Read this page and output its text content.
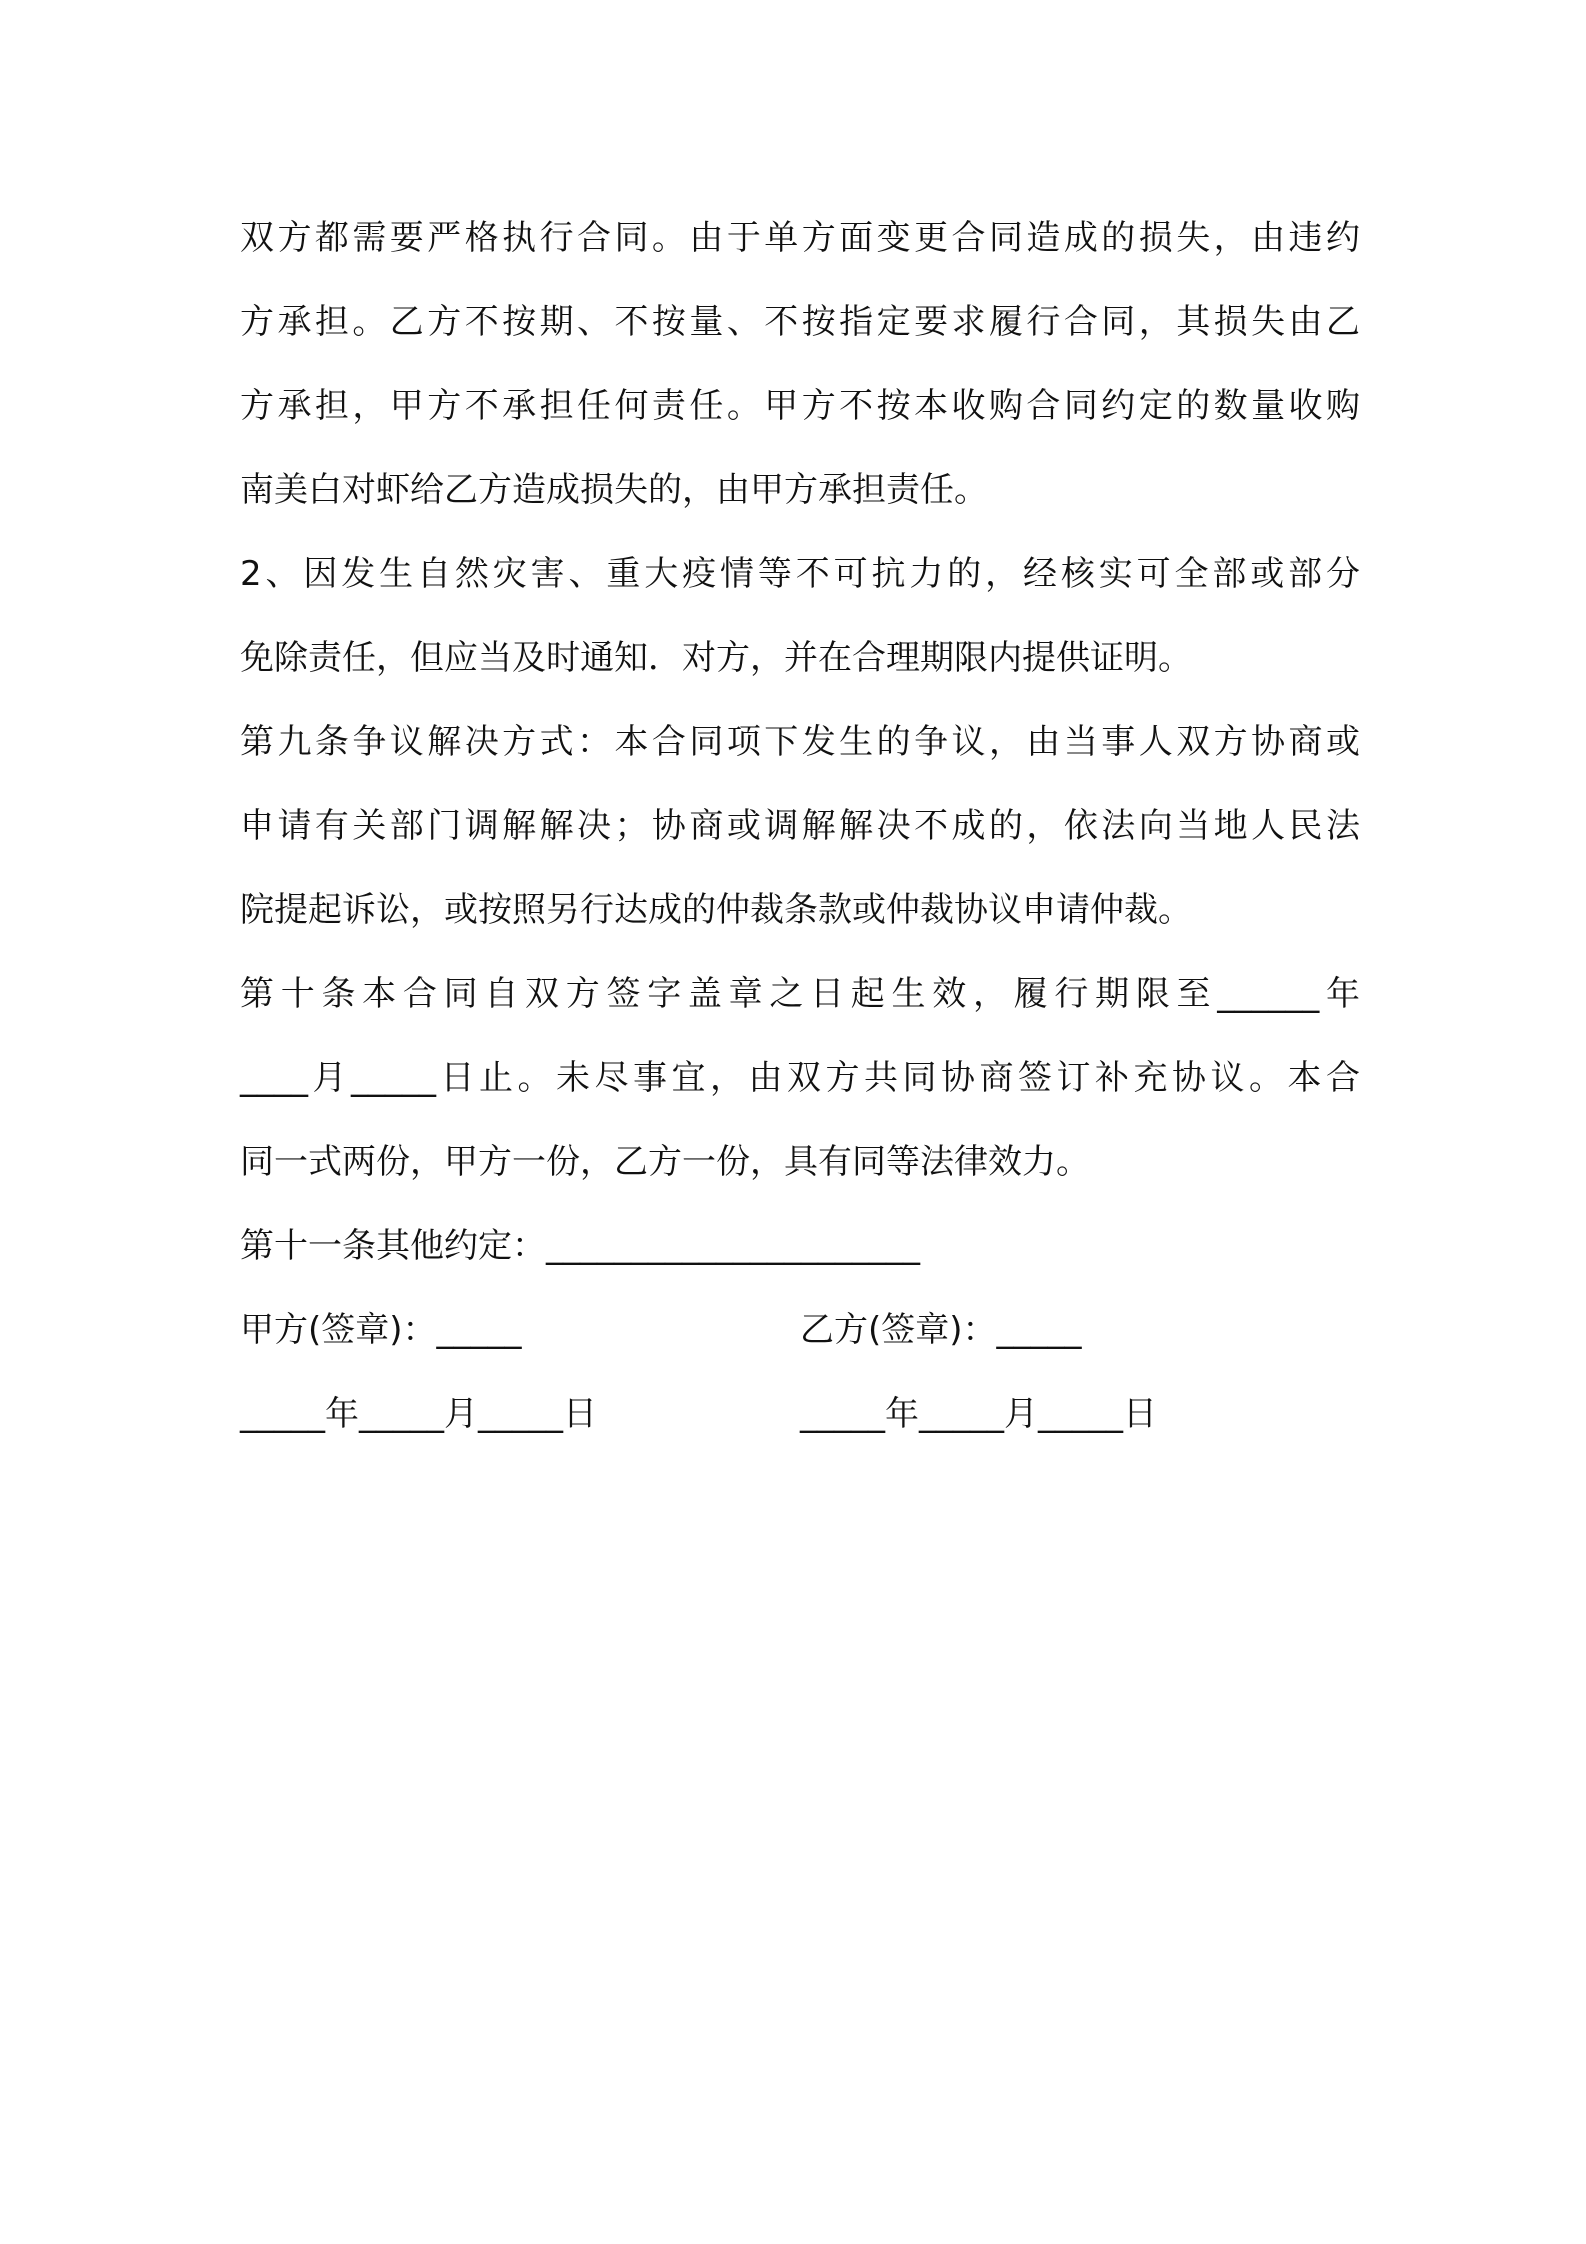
双方都需要严格执行合同。由于单方面变更合同造成的损失，由违约
方承担。乙方不按期、不按量、不按指定要求履行合同，其损失由乙
方承担，甲方不承担任何责任。甲方不按本收购合同约定的数量收购
南美白对虾给乙方造成损失的，由甲方承担责任。

2、因发生自然灾害、重大疫情等不可抗力的，经核实可全部或部分
免除责任，但应当及时通知．对方，并在合理期限内提供证明。

第九条争议解决方式：本合同项下发生的争议，由当事人双方协商或
申请有关部门调解解决；协商或调解解决不成的，依法向当地人民法
院提起诉讼，或按照另行达成的仲裁条款或仲裁协议申请仲裁。

第十条本合同自双方签字盖章之日起生效，履行期限至______年
____月_____日止。未尽事宜，由双方共同协商签订补充协议。本合
同一式两份，甲方一份，乙方一份，具有同等法律效力。

第十一条其他约定：______________________

甲方(签章)：_____
_____年_____月_____日
乙方(签章)：_____
_____年_____月_____日
